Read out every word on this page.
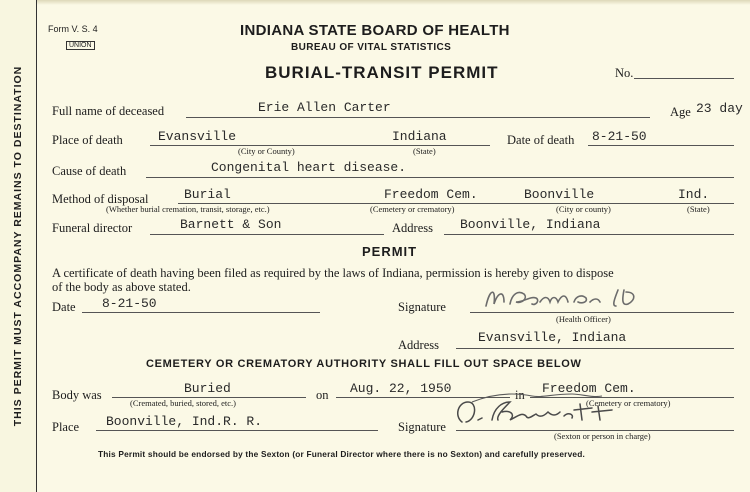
THIS PERMIT MUST ACCOMPANY REMAINS TO DESTINATION
Form V. S. 4
UNION
INDIANA STATE BOARD OF HEALTH
BUREAU OF VITAL STATISTICS
BURIAL-TRANSIT PERMIT	No.
Full name of deceased	Erie Allen Carter	Age 23 day
Place of death	Evansville	Indiana
(City or County)	(State)
Date of death 8-21-50
Cause of death	Congenital heart disease.
Method of disposal	Burial	Freedom Cem.	Boonville	Ind.
(Whether burial cremation, transit, storage, etc.)	(Cemetery or crematory)	(City or county)	(State)
Funeral director	Barnett & Son	Address Boonville, Indiana
PERMIT
A certificate of death having been filed as required by the laws of Indiana, permission is hereby given to dispose
of the body as above stated.
Date 8-21-50	Signature
(Health Officer)
Address	Evansville, Indiana
CEMETERY OR CREMATORY AUTHORITY SHALL FILL OUT SPACE BELOW
Body was	Buried
(Cremated, buried, stored, etc.)
on Aug. 22, 1950	in Freedom Cem.
(Cemetery or crematory)
Place Boonville, Ind.R. R.	Signature
(Sexton or person in charge)
This Permit should be endorsed by the Sexton (or Funeral Director where there is no Sexton) and carefully preserved.
